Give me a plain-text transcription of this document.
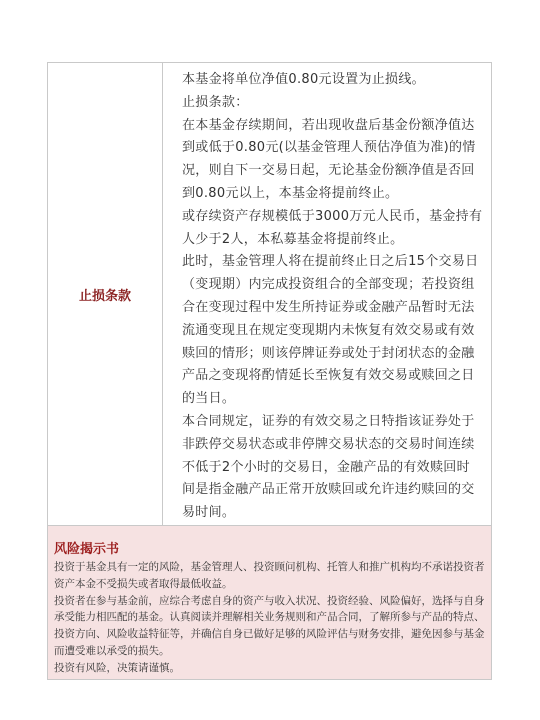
止损条款

本基金将单位净值0.80元设置为止损线。

止损条款：

在本基金存续期间，若出现收盘后基金份额净值达到或低于0.80元(以基金管理人预估净值为准)的情况，则自下一交易日起，无论基金份额净值是否回到0.80元以上，本基金将提前终止。

或存续资产存规模低于3000万元人民币，基金持有人少于2人，本私募基金将提前终止。

此时，基金管理人将在提前终止日之后15个交易日（变现期）内完成投资组合的全部变现；若投资组合在变现过程中发生所持证券或金融产品暂时无法流通变现且在规定变现期内未恢复有效交易或有效赎回的情形；则该停牌证券或处于封闭状态的金融产品之变现将酌情延长至恢复有效交易或赎回之日的当日。

本合同规定，证券的有效交易之日特指该证券处于非跌停交易状态或非停牌交易状态的交易时间连续不低于2个小时的交易日，金融产品的有效赎回时间是指金融产品正常开放赎回或允许违约赎回的交易时间。

风险揭示书

投资于基金具有一定的风险，基金管理人、投资顾问机构、托管人和推广机构均不承诺投资者资产本金不受损失或者取得最低收益。

投资者在参与基金前，应综合考虑自身的资产与收入状况、投资经验、风险偏好，选择与自身承受能力相匹配的基金。认真阅读并理解相关业务规则和产品合同，了解所参与产品的特点、投资方向、风险收益特征等，并确信自身已做好足够的风险评估与财务安排，避免因参与基金而遭受难以承受的损失。

投资有风险，决策请谨慎。
